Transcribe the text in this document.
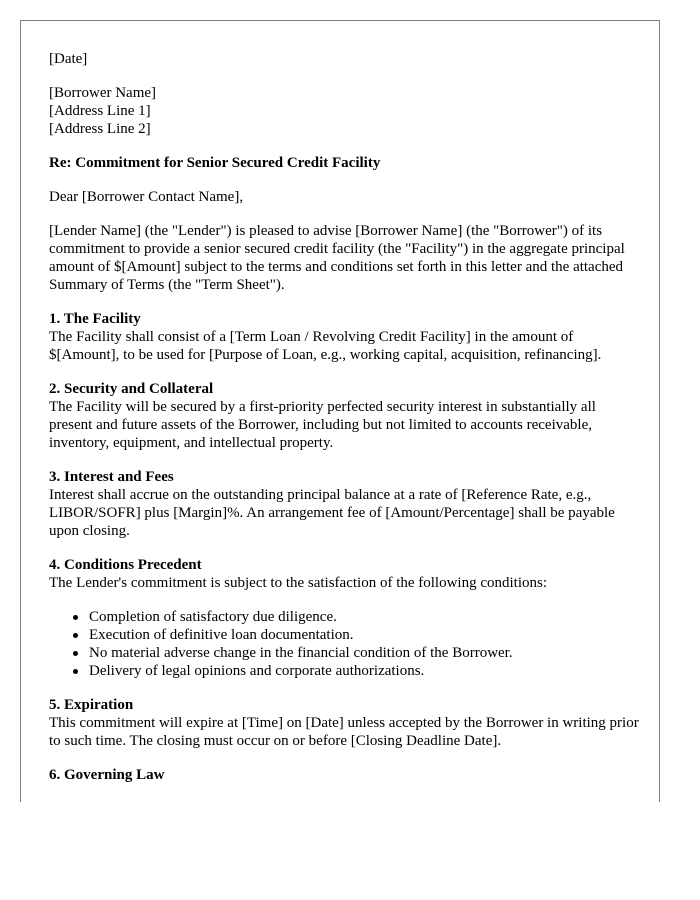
[Date]
[Borrower Name]
[Address Line 1]
[Address Line 2]
Re: Commitment for Senior Secured Credit Facility
Dear [Borrower Contact Name],
[Lender Name] (the "Lender") is pleased to advise [Borrower Name] (the "Borrower") of its commitment to provide a senior secured credit facility (the "Facility") in the aggregate principal amount of $[Amount] subject to the terms and conditions set forth in this letter and the attached Summary of Terms (the "Term Sheet").
1. The Facility
The Facility shall consist of a [Term Loan / Revolving Credit Facility] in the amount of $[Amount], to be used for [Purpose of Loan, e.g., working capital, acquisition, refinancing].
2. Security and Collateral
The Facility will be secured by a first-priority perfected security interest in substantially all present and future assets of the Borrower, including but not limited to accounts receivable, inventory, equipment, and intellectual property.
3. Interest and Fees
Interest shall accrue on the outstanding principal balance at a rate of [Reference Rate, e.g., LIBOR/SOFR] plus [Margin]%. An arrangement fee of [Amount/Percentage] shall be payable upon closing.
4. Conditions Precedent
The Lender's commitment is subject to the satisfaction of the following conditions:
Completion of satisfactory due diligence.
Execution of definitive loan documentation.
No material adverse change in the financial condition of the Borrower.
Delivery of legal opinions and corporate authorizations.
5. Expiration
This commitment will expire at [Time] on [Date] unless accepted by the Borrower in writing prior to such time. The closing must occur on or before [Closing Deadline Date].
6. Governing Law
